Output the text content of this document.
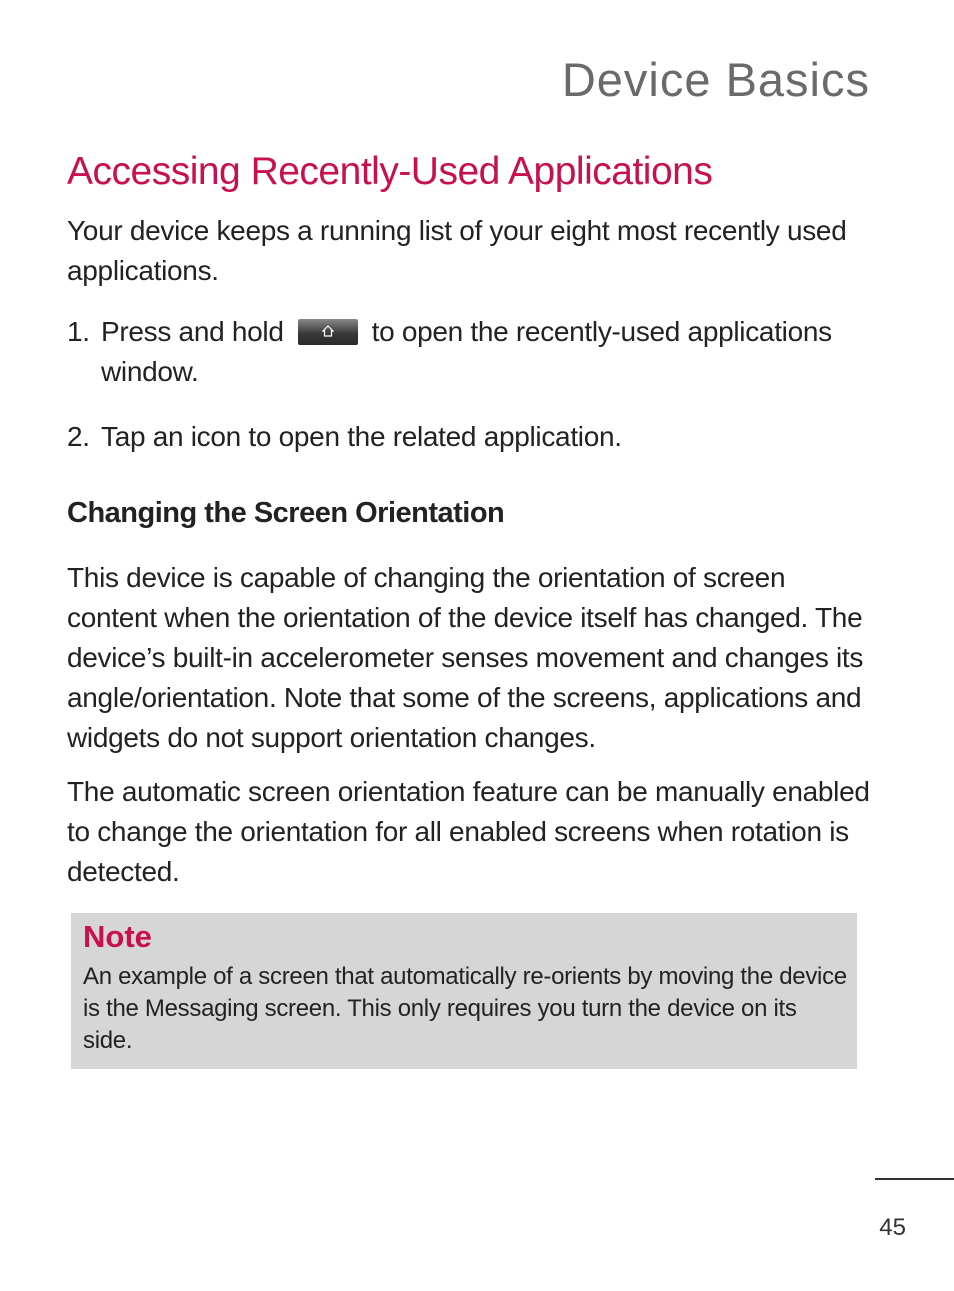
Device Basics
Accessing Recently-Used Applications
Your device keeps a running list of your eight most recently used applications.
1. Press and hold	to open the recently-used applications
window.
2. Tap an icon to open the related application.
Changing the Screen Orientation
This device is capable of changing the orientation of screen content when the orientation of the device itself has changed. The device’s built-in accelerometer senses movement and changes its angle/orientation. Note that some of the screens, applications and widgets do not support orientation changes.
The automatic screen orientation feature can be manually enabled to change the orientation for all enabled screens when rotation is detected.
Note
An example of a screen that automatically re-orients by moving the device is the Messaging screen. This only requires you turn the device on its side.
45
